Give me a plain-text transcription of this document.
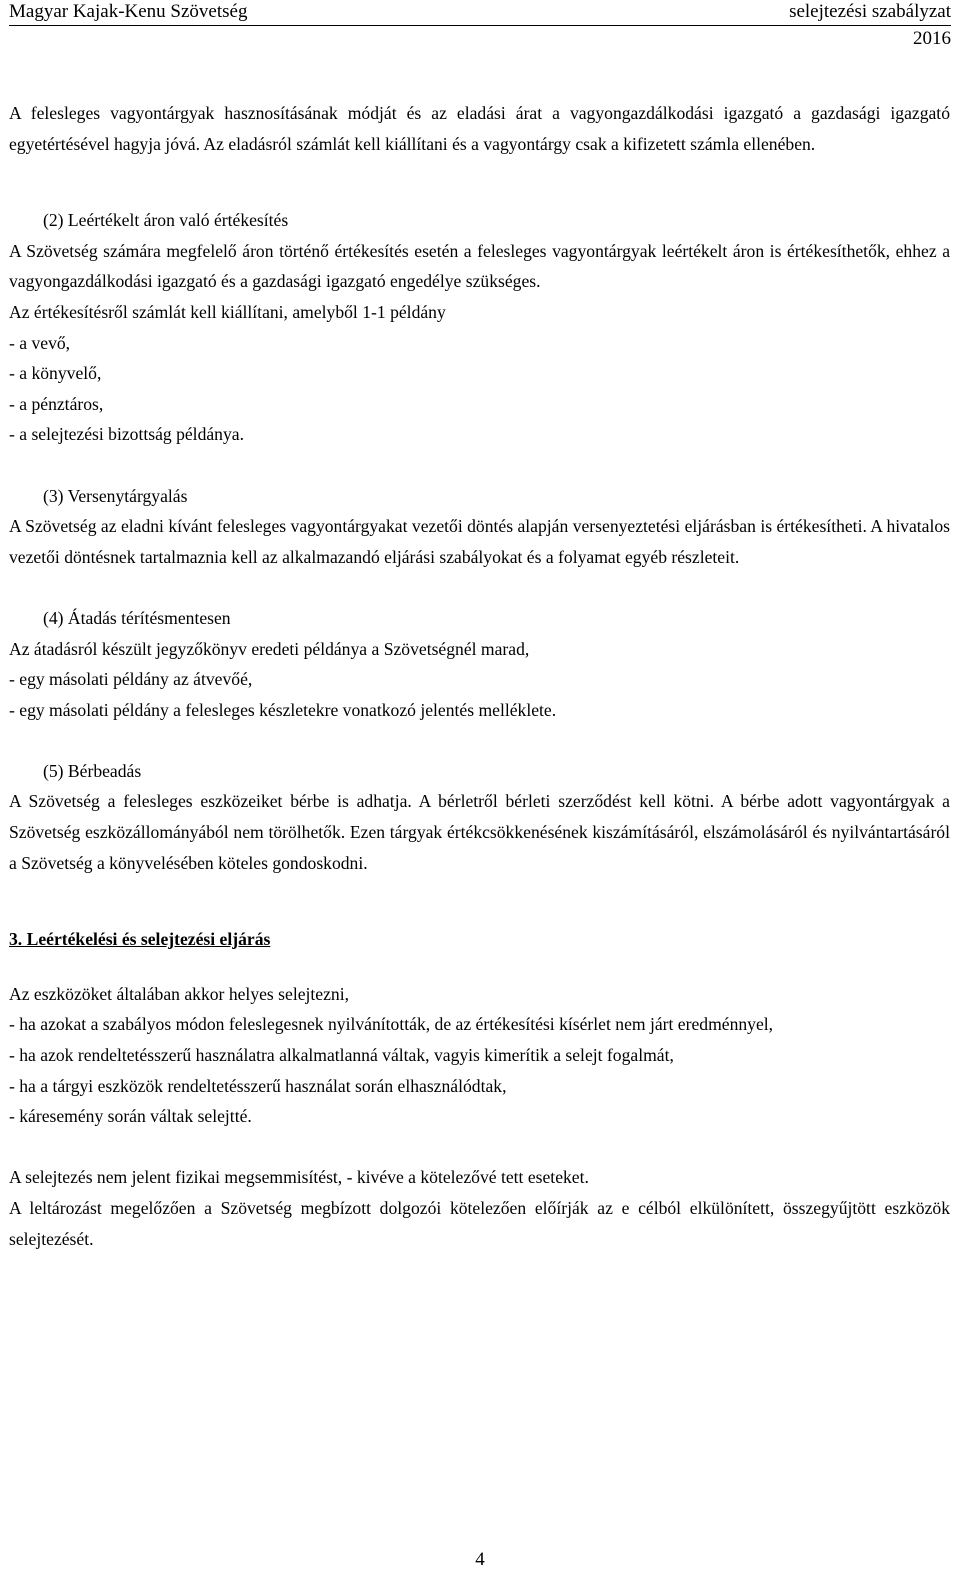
Magyar Kajak-Kenu Szövetség	selejtezési szabályzat
2016

A felesleges vagyontárgyak hasznosításának módját és az eladási árat a vagyongazdálkodási igazgató a gazdasági igazgató egyetértésével hagyja jóvá. Az eladásról számlát kell kiállítani és a vagyontárgy csak a kifizetett számla ellenében.

(2) Leértékelt áron való értékesítés

A Szövetség számára megfelelő áron történő értékesítés esetén a felesleges vagyontárgyak leértékelt áron is értékesíthetők, ehhez a vagyongazdálkodási igazgató és a gazdasági igazgató engedélye szükséges.

Az értékesítésről számlát kell kiállítani, amelyből 1-1 példány

- a vevő,

- a könyvelő,

- a pénztáros,

- a selejtezési bizottság példánya.

(3) Versenytárgyalás

A Szövetség az eladni kívánt felesleges vagyontárgyakat vezetői döntés alapján versenyeztetési eljárásban is értékesítheti. A hivatalos vezetői döntésnek tartalmaznia kell az alkalmazandó eljárási szabályokat és a folyamat egyéb részleteit.

(4) Átadás térítésmentesen

Az átadásról készült jegyzőkönyv eredeti példánya a Szövetségnél marad,

- egy másolati példány az átvevőé,

- egy másolati példány a felesleges készletekre vonatkozó jelentés melléklete.

(5) Bérbeadás

A Szövetség a felesleges eszközeiket bérbe is adhatja. A bérletről bérleti szerződést kell kötni. A bérbe adott vagyontárgyak a Szövetség eszközállományából nem törölhetők. Ezen tárgyak értékcsökkenésének kiszámításáról, elszámolásáról és nyilvántartásáról a Szövetség a könyvelésében köteles gondoskodni.

3. Leértékelési és selejtezési eljárás

Az eszközöket általában akkor helyes selejtezni,

- ha azokat a szabályos módon feleslegesnek nyilvánították, de az értékesítési kísérlet nem járt eredménnyel,

- ha azok rendeltetésszerű használatra alkalmatlanná váltak, vagyis kimerítik a selejt fogalmát,

- ha a tárgyi eszközök rendeltetésszerű használat során elhasználódtak,

- káresemény során váltak selejtté.

A selejtezés nem jelent fizikai megsemmisítést, - kivéve a kötelezővé tett eseteket.

A leltározást megelőzően a Szövetség megbízott dolgozói kötelezően előírják az e célból elkülönített, összegyűjtött eszközök selejtezését.

4
